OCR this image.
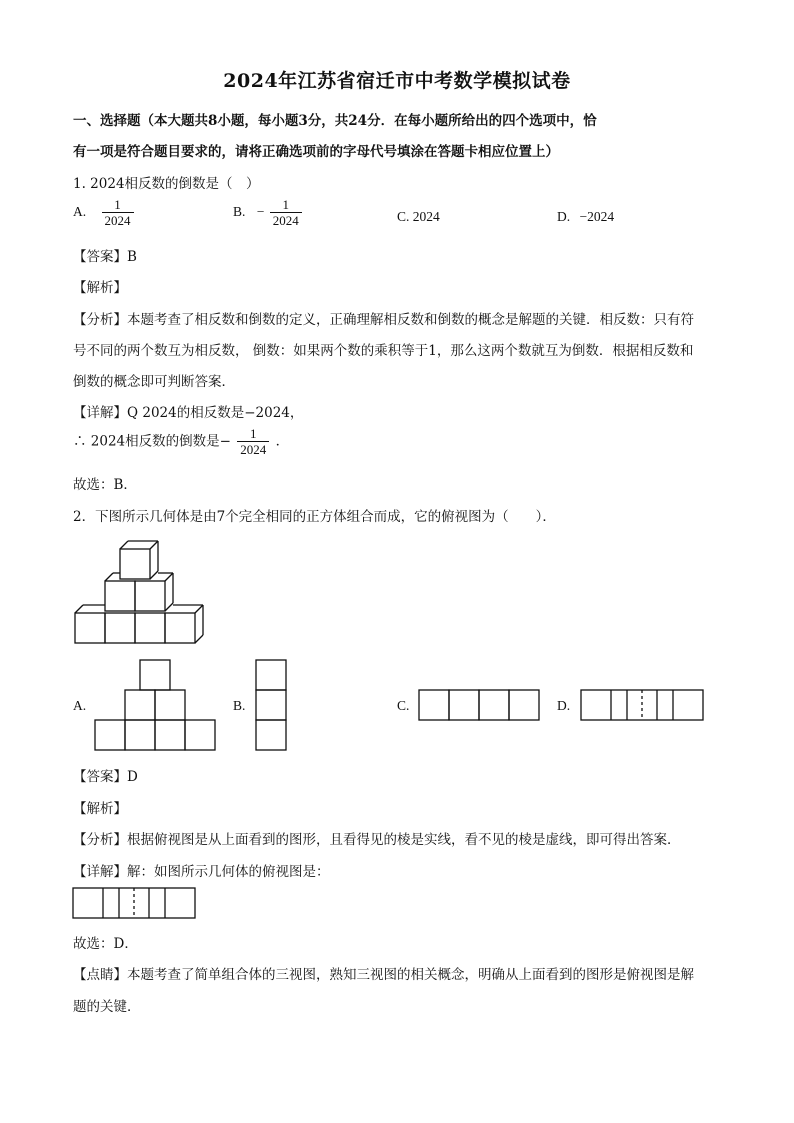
2024年江苏省宿迁市中考数学模拟试卷
一、选择题（本大题共8小题，每小题3分，共24分．在每小题所给出的四个选项中，恰
有一项是符合题目要求的，请将正确选项前的字母代号填涂在答题卡相应位置上）
1. 2024相反数的倒数是（　）
A. $\frac{1}{2024}$	B. − $\frac{1}{2024}$	C. 2024	D. −2024
【答案】B
【解析】
【分析】本题考查了相反数和倒数的定义，正确理解相反数和倒数的概念是解题的关键．相反数：只有符
号不同的两个数互为相反数， 倒数：如果两个数的乘积等于1，那么这两个数就互为倒数．根据相反数和
倒数的概念即可判断答案．
【详解】Q 2024的相反数是−2024，
∴ 2024相反数的倒数是− $\frac{1}{2024}$ ．
故选：B．
2．下图所示几何体是由7个完全相同的正方体组合而成，它的俯视图为（　　）．
A.	B.	C.	D.
【答案】D
【解析】
【分析】根据俯视图是从上面看到的图形，且看得见的棱是实线，看不见的棱是虚线，即可得出答案．
【详解】解：如图所示几何体的俯视图是：
故选：D．
【点睛】本题考查了简单组合体的三视图，熟知三视图的相关概念，明确从上面看到的图形是俯视图是解
题的关键．
